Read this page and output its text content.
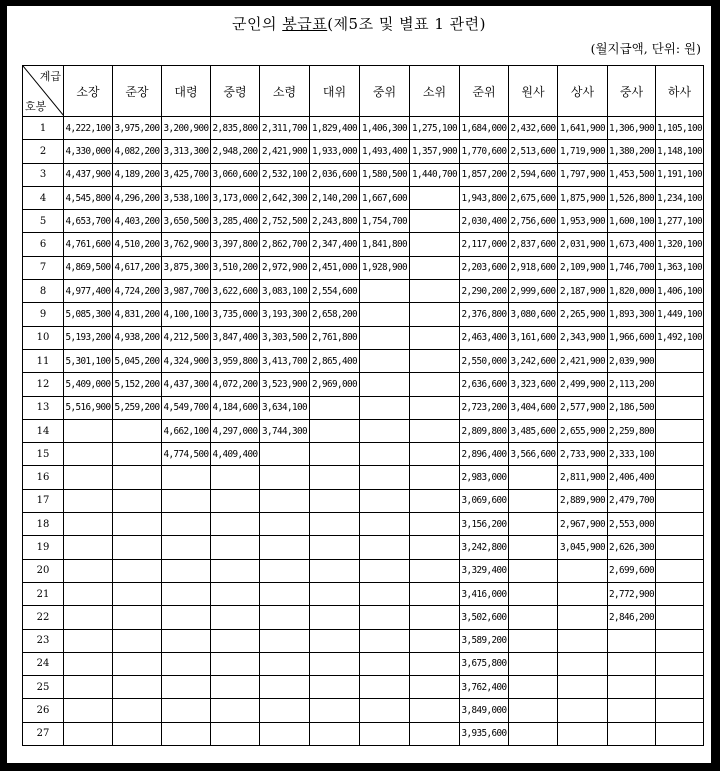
군인의 봉급표(제5조 및 별표 1 관련)
(월지급액, 단위: 원)
계급
호봉	소장	준장	대령	중령	소령	대위	중위	소위	준위	원사	상사	중사	하사
1	4,222,100	3,975,200	3,200,900	2,835,800	2,311,700	1,829,400	1,406,300	1,275,100	1,684,000	2,432,600	1,641,900	1,306,900	1,105,100
2	4,330,000	4,082,200	3,313,300	2,948,200	2,421,900	1,933,000	1,493,400	1,357,900	1,770,600	2,513,600	1,719,900	1,380,200	1,148,100
3	4,437,900	4,189,200	3,425,700	3,060,600	2,532,100	2,036,600	1,580,500	1,440,700	1,857,200	2,594,600	1,797,900	1,453,500	1,191,100
4	4,545,800	4,296,200	3,538,100	3,173,000	2,642,300	2,140,200	1,667,600		1,943,800	2,675,600	1,875,900	1,526,800	1,234,100
5	4,653,700	4,403,200	3,650,500	3,285,400	2,752,500	2,243,800	1,754,700		2,030,400	2,756,600	1,953,900	1,600,100	1,277,100
6	4,761,600	4,510,200	3,762,900	3,397,800	2,862,700	2,347,400	1,841,800		2,117,000	2,837,600	2,031,900	1,673,400	1,320,100
7	4,869,500	4,617,200	3,875,300	3,510,200	2,972,900	2,451,000	1,928,900		2,203,600	2,918,600	2,109,900	1,746,700	1,363,100
8	4,977,400	4,724,200	3,987,700	3,622,600	3,083,100	2,554,600			2,290,200	2,999,600	2,187,900	1,820,000	1,406,100
9	5,085,300	4,831,200	4,100,100	3,735,000	3,193,300	2,658,200			2,376,800	3,080,600	2,265,900	1,893,300	1,449,100
10	5,193,200	4,938,200	4,212,500	3,847,400	3,303,500	2,761,800			2,463,400	3,161,600	2,343,900	1,966,600	1,492,100
11	5,301,100	5,045,200	4,324,900	3,959,800	3,413,700	2,865,400			2,550,000	3,242,600	2,421,900	2,039,900	
12	5,409,000	5,152,200	4,437,300	4,072,200	3,523,900	2,969,000			2,636,600	3,323,600	2,499,900	2,113,200	
13	5,516,900	5,259,200	4,549,700	4,184,600	3,634,100				2,723,200	3,404,600	2,577,900	2,186,500	
14			4,662,100	4,297,000	3,744,300				2,809,800	3,485,600	2,655,900	2,259,800	
15			4,774,500	4,409,400					2,896,400	3,566,600	2,733,900	2,333,100	
16									2,983,000		2,811,900	2,406,400	
17									3,069,600		2,889,900	2,479,700	
18									3,156,200		2,967,900	2,553,000	
19									3,242,800		3,045,900	2,626,300	
20									3,329,400			2,699,600	
21									3,416,000			2,772,900	
22									3,502,600			2,846,200	
23									3,589,200				
24									3,675,800				
25									3,762,400				
26									3,849,000				
27									3,935,600				
